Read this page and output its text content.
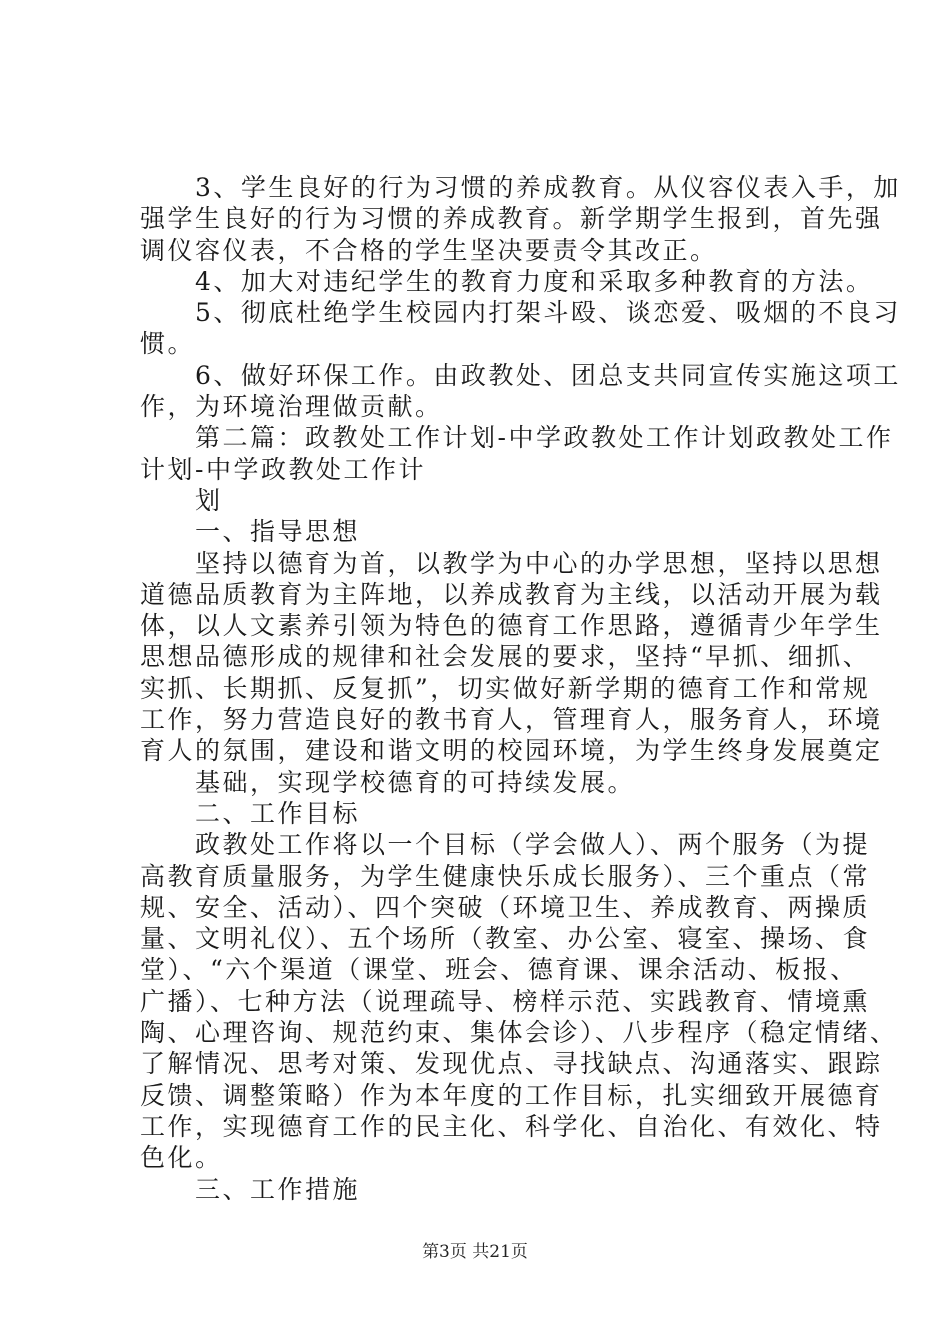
　　3、学生良好的行为习惯的养成教育。从仪容仪表入手，加

强学生良好的行为习惯的养成教育。新学期学生报到，首先强

调仪容仪表，不合格的学生坚决要责令其改正。

　　4、加大对违纪学生的教育力度和采取多种教育的方法。

　　5、彻底杜绝学生校园内打架斗殴、谈恋爱、吸烟的不良习

惯。

　　6、做好环保工作。由政教处、团总支共同宣传实施这项工

作，为环境治理做贡献。

　　第二篇：政教处工作计划-中学政教处工作计划政教处工作

计划-中学政教处工作计

　　划

　　一、指导思想

　　坚持以德育为首，以教学为中心的办学思想，坚持以思想

道德品质教育为主阵地，以养成教育为主线，以活动开展为载

体，以人文素养引领为特色的德育工作思路，遵循青少年学生

思想品德形成的规律和社会发展的要求，坚持“早抓、细抓、

实抓、长期抓、反复抓”，切实做好新学期的德育工作和常规

工作，努力营造良好的教书育人，管理育人，服务育人，环境

育人的氛围，建设和谐文明的校园环境，为学生终身发展奠定

　　基础，实现学校德育的可持续发展。

　　二、工作目标

　　政教处工作将以一个目标（学会做人）、两个服务（为提

高教育质量服务，为学生健康快乐成长服务）、三个重点（常

规、安全、活动）、四个突破（环境卫生、养成教育、两操质

量、文明礼仪）、五个场所（教室、办公室、寝室、操场、食

堂）、“六个渠道（课堂、班会、德育课、课余活动、板报、

广播）、七种方法（说理疏导、榜样示范、实践教育、情境熏

陶、心理咨询、规范约束、集体会诊）、八步程序（稳定情绪、

了解情况、思考对策、发现优点、寻找缺点、沟通落实、跟踪

反馈、调整策略）作为本年度的工作目标，扎实细致开展德育

工作，实现德育工作的民主化、科学化、自治化、有效化、特

色化。

　　三、工作措施

第3页 共21页
